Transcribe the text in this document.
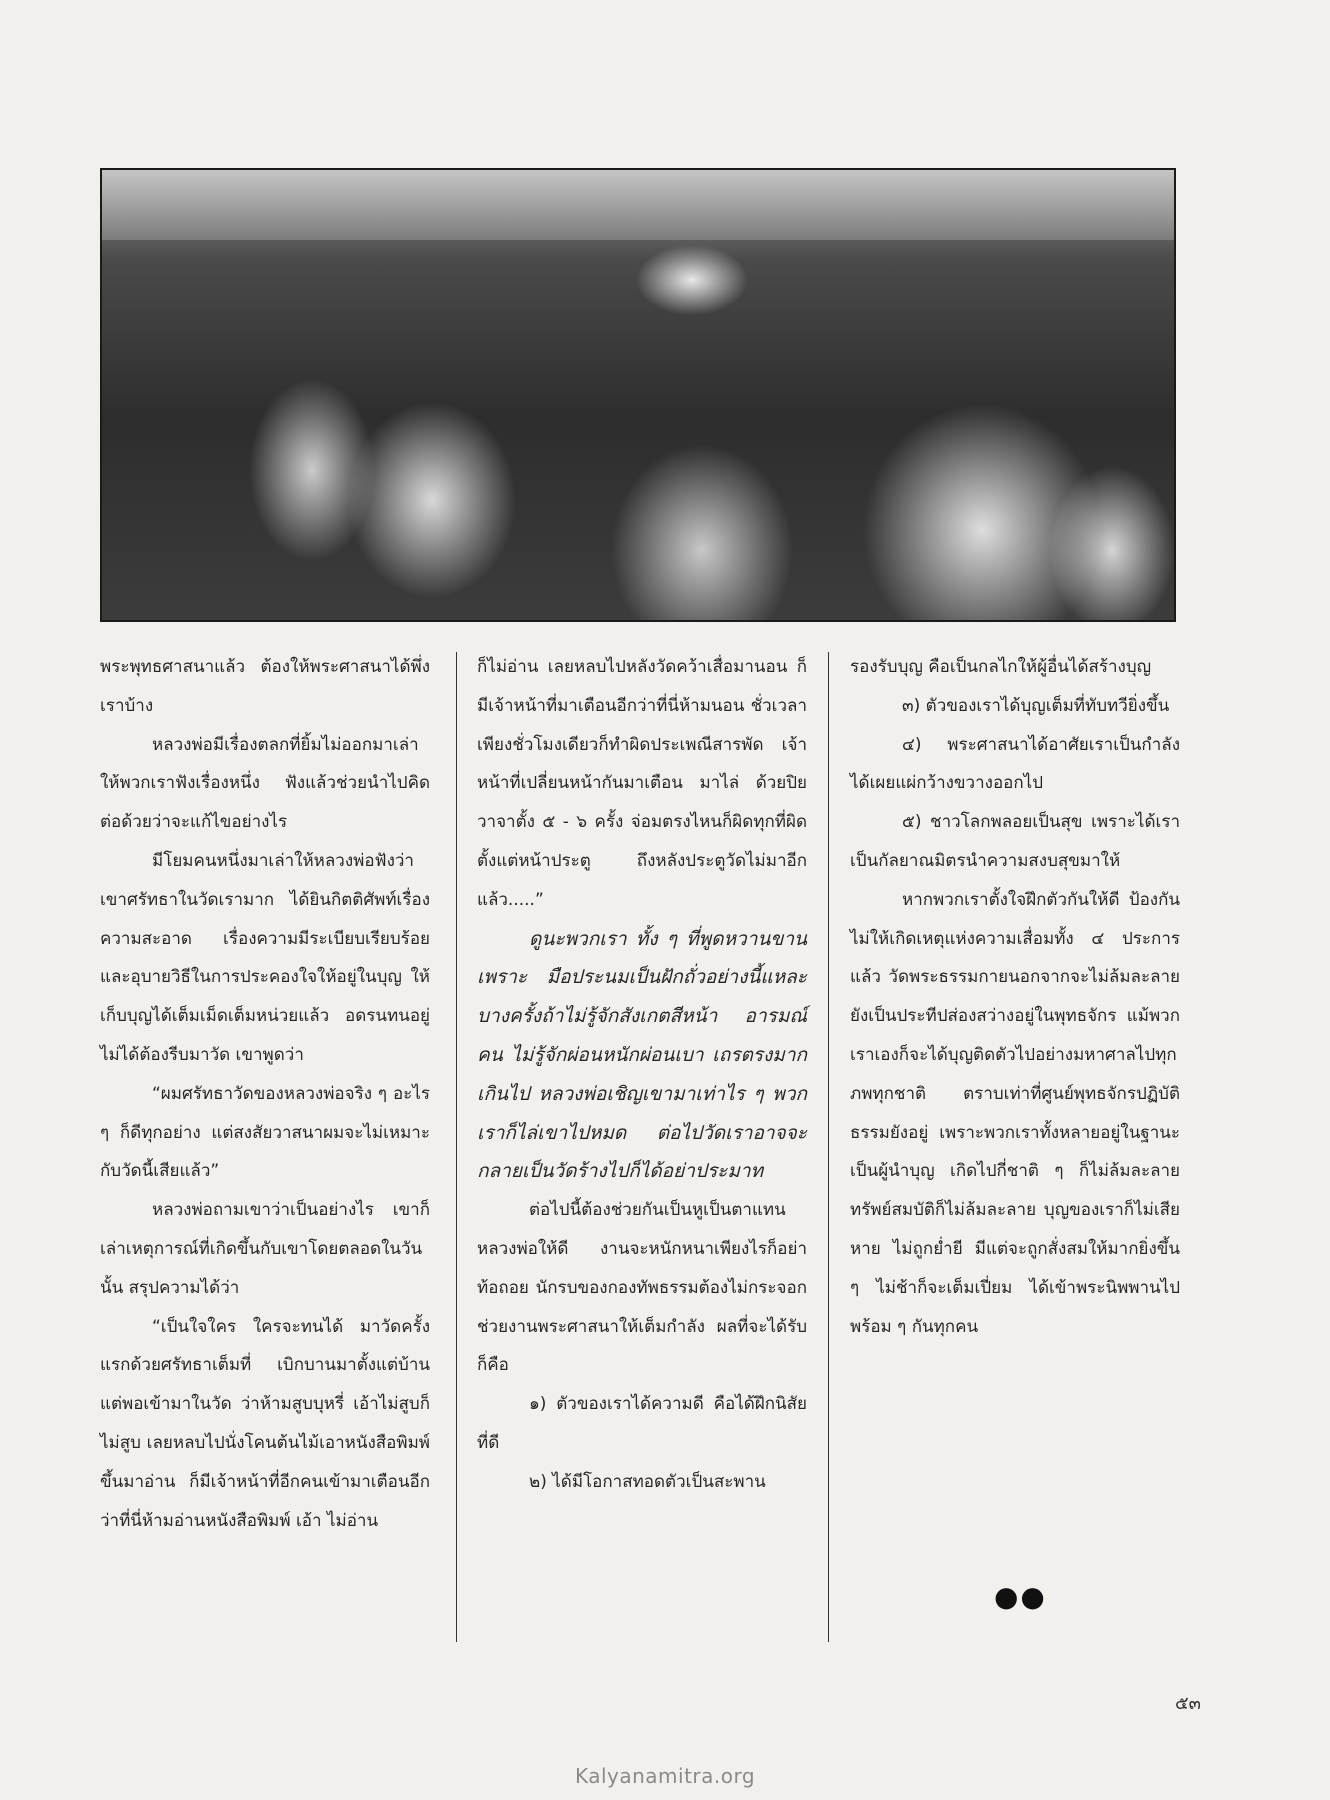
พระพุทธศาสนาแล้ว ต้องให้พระศาสนาได้พึ่งเราบ้าง

หลวงพ่อมีเรื่องตลกที่ยิ้มไม่ออกมาเล่าให้พวกเราฟังเรื่องหนึ่ง ฟังแล้วช่วยนำไปคิดต่อด้วยว่าจะแก้ไขอย่างไร

มีโยมคนหนึ่งมาเล่าให้หลวงพ่อฟังว่า เขาศรัทธาในวัดเรามาก ได้ยินกิตติศัพท์เรื่องความสะอาด เรื่องความมีระเบียบเรียบร้อย และอุบายวิธีในการประคองใจให้อยู่ในบุญ ให้เก็บบุญได้เต็มเม็ดเต็มหน่วยแล้ว อดรนทนอยู่ไม่ได้ต้องรีบมาวัด เขาพูดว่า

“ผมศรัทธาวัดของหลวงพ่อจริง ๆ อะไร ๆ ก็ดีทุกอย่าง แต่สงสัยวาสนาผมจะไม่เหมาะกับวัดนี้เสียแล้ว”

หลวงพ่อถามเขาว่าเป็นอย่างไร เขาก็เล่าเหตุการณ์ที่เกิดขึ้นกับเขาโดยตลอดในวันนั้น สรุปความได้ว่า

“เป็นใจใคร ใครจะทนได้ มาวัดครั้งแรกด้วยศรัทธาเต็มที่ เบิกบานมาตั้งแต่บ้าน แต่พอเข้ามาในวัด ว่าห้ามสูบบุหรี่ เอ้าไม่สูบก็ไม่สูบ เลยหลบไปนั่งโคนต้นไม้เอาหนังสือพิมพ์ขึ้นมาอ่าน ก็มีเจ้าหน้าที่อีกคนเข้ามาเตือนอีก ว่าที่นี่ห้ามอ่านหนังสือพิมพ์ เอ้า ไม่อ่าน

ก็ไม่อ่าน เลยหลบไปหลังวัดคว้าเสื่อมานอน ก็มีเจ้าหน้าที่มาเตือนอีกว่าที่นี่ห้ามนอน ชั่วเวลาเพียงชั่วโมงเดียวก็ทำผิดประเพณีสารพัด เจ้าหน้าที่เปลี่ยนหน้ากันมาเตือน มาไล่ ด้วยปิยวาจาตั้ง ๕ - ๖ ครั้ง จ่อมตรงไหนก็ผิดทุกที่ผิดตั้งแต่หน้าประตู ถึงหลังประตูวัดไม่มาอีกแล้ว.....”

ดูนะพวกเรา ทั้ง ๆ ที่พูดหวานขานเพราะ มือประนมเป็นฝักถั่วอย่างนี้แหละ บางครั้งถ้าไม่รู้จักสังเกตสีหน้า อารมณ์คน ไม่รู้จักผ่อนหนักผ่อนเบา เถรตรงมากเกินไป หลวงพ่อเชิญเขามาเท่าไร ๆ พวกเราก็ไล่เขาไปหมด ต่อไปวัดเราอาจจะกลายเป็นวัดร้างไปก็ได้อย่าประมาท

ต่อไปนี้ต้องช่วยกันเป็นหูเป็นตาแทนหลวงพ่อให้ดี งานจะหนักหนาเพียงไรก็อย่าท้อถอย นักรบของกองทัพธรรมต้องไม่กระจอก ช่วยงานพระศาสนาให้เต็มกำลัง ผลที่จะได้รับก็คือ

๑) ตัวของเราได้ความดี คือได้ฝึกนิสัยที่ดี

๒) ได้มีโอกาสทอดตัวเป็นสะพาน

รองรับบุญ คือเป็นกลไกให้ผู้อื่นได้สร้างบุญ

๓) ตัวของเราได้บุญเต็มที่ทับทวียิ่งขึ้น

๔) พระศาสนาได้อาศัยเราเป็นกำลัง ได้เผยแผ่กว้างขวางออกไป

๕) ชาวโลกพลอยเป็นสุข เพราะได้เราเป็นกัลยาณมิตรนำความสงบสุขมาให้

หากพวกเราตั้งใจฝึกตัวกันให้ดี ป้องกันไม่ให้เกิดเหตุแห่งความเสื่อมทั้ง ๔ ประการแล้ว วัดพระธรรมกายนอกจากจะไม่ล้มละลาย ยังเป็นประทีปส่องสว่างอยู่ในพุทธจักร แม้พวกเราเองก็จะได้บุญติดตัวไปอย่างมหาศาลไปทุกภพทุกชาติ ตราบเท่าที่ศูนย์พุทธจักรปฏิบัติธรรมยังอยู่ เพราะพวกเราทั้งหลายอยู่ในฐานะเป็นผู้นำบุญ เกิดไปกี่ชาติ ๆ ก็ไม่ล้มละลาย ทรัพย์สมบัติก็ไม่ล้มละลาย บุญของเราก็ไม่เสียหาย ไม่ถูกย่ำยี มีแต่จะถูกสั่งสมให้มากยิ่งขึ้น ๆ ไม่ช้าก็จะเต็มเปี่ยม ได้เข้าพระนิพพานไปพร้อม ๆ กันทุกคน

●●
๕๓
Kalyanamitra.org
